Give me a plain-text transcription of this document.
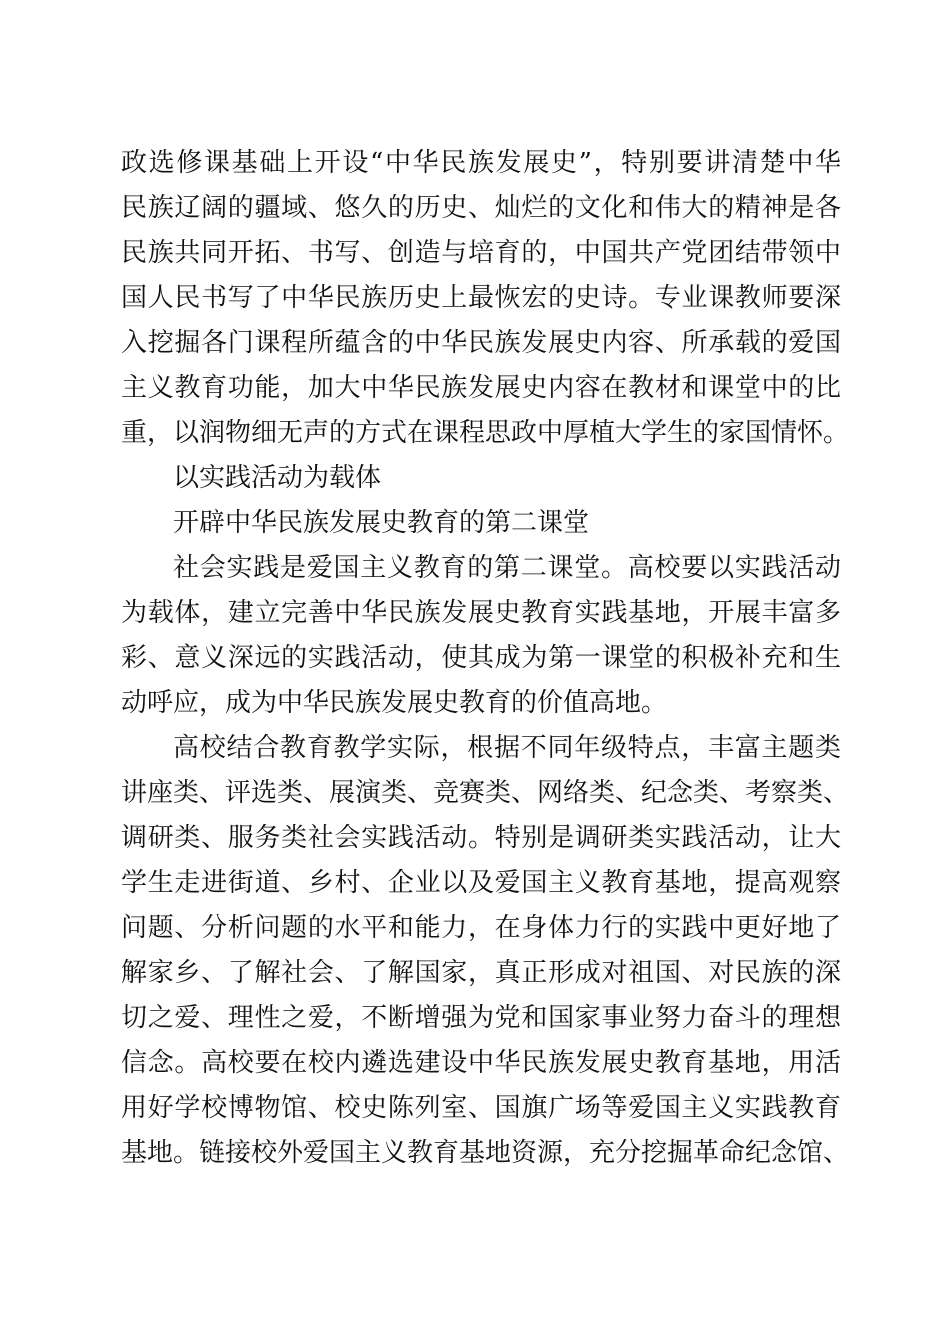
政选修课基础上开设“中华民族发展史”，特别要讲清楚中华
民族辽阔的疆域、悠久的历史、灿烂的文化和伟大的精神是各
民族共同开拓、书写、创造与培育的，中国共产党团结带领中
国人民书写了中华民族历史上最恢宏的史诗。专业课教师要深
入挖掘各门课程所蕴含的中华民族发展史内容、所承载的爱国
主义教育功能，加大中华民族发展史内容在教材和课堂中的比
重，以润物细无声的方式在课程思政中厚植大学生的家国情怀。
以实践活动为载体
开辟中华民族发展史教育的第二课堂
社会实践是爱国主义教育的第二课堂。高校要以实践活动
为载体，建立完善中华民族发展史教育实践基地，开展丰富多
彩、意义深远的实践活动，使其成为第一课堂的积极补充和生
动呼应，成为中华民族发展史教育的价值高地。
高校结合教育教学实际，根据不同年级特点，丰富主题类
讲座类、评选类、展演类、竞赛类、网络类、纪念类、考察类、
调研类、服务类社会实践活动。特别是调研类实践活动，让大
学生走进街道、乡村、企业以及爱国主义教育基地，提高观察
问题、分析问题的水平和能力，在身体力行的实践中更好地了
解家乡、了解社会、了解国家，真正形成对祖国、对民族的深
切之爱、理性之爱，不断增强为党和国家事业努力奋斗的理想
信念。高校要在校内遴选建设中华民族发展史教育基地，用活
用好学校博物馆、校史陈列室、国旗广场等爱国主义实践教育
基地。链接校外爱国主义教育基地资源，充分挖掘革命纪念馆、
